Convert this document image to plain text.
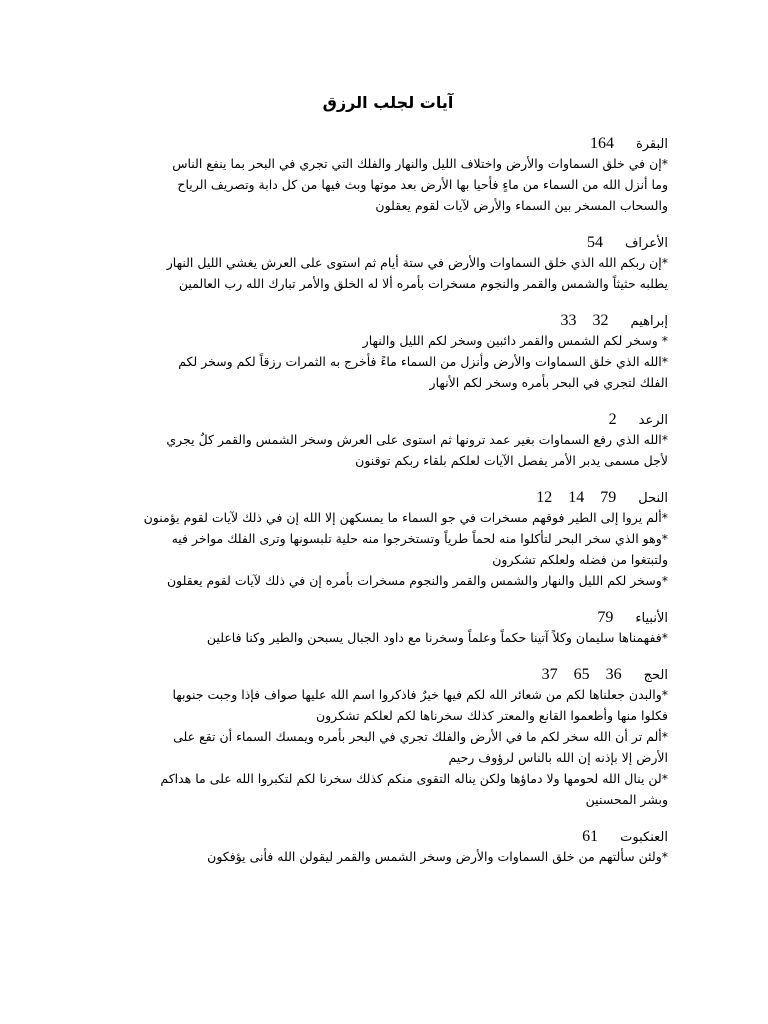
آيات لجلب الرزق
البقرة164
*إن في خلق السماوات والأرض واختلاف الليل والنهار والفلك التي تجري في البحر بما ينفع الناس
وما أنزل الله من السماء من ماءٍ فأحيا بها الأرض بعد موتها وبث فيها من كل دابة وتصريف الرياح
والسحاب المسخر بين السماء والأرض لآيات لقوم يعقلون
الأعراف54
*إن ربكم الله الذي خلق السماوات والأرض في ستة أيام ثم استوى على العرش يغشي الليل النهار
يطلبه حثيثاً والشمس والقمر والنجوم مسخرات بأمره ألا له الخلق والأمر تبارك الله رب العالمين
إبراهيم32 33
* وسخر لكم الشمس والقمر دائبين وسخر لكم الليل والنهار
*الله الذي خلق السماوات والأرض وأنزل من السماء ماءً فأخرج به الثمرات رزقاً لكم وسخر لكم
الفلك لتجري في البحر بأمره وسخر لكم الأنهار
الرعد2
*الله الذي رفع السماوات بغير عمد ترونها ثم استوى على العرش وسخر الشمس والقمر كلٌ يجري
لأجل مسمى يدبر الأمر يفصل الآيات لعلكم بلقاء ربكم توقنون
النحل79 14 12
*ألم يروا إلى الطير فوقهم مسخرات في جو السماء ما يمسكهن إلا الله إن في ذلك لآيات لقوم يؤمنون
*وهو الذي سخر البحر لتأكلوا منه لحماً طرياً وتستخرجوا منه حلية تلبسونها وترى الفلك مواخر فيه
ولتبتغوا من فضله ولعلكم تشكرون
*وسخر لكم الليل والنهار والشمس والقمر والنجوم مسخرات بأمره إن في ذلك لآيات لقوم يعقلون
الأنبياء79
*ففهمناها سليمان وكلاً آتينا حكماً وعلماً وسخرنا مع داود الجبال يسبحن والطير وكنا فاعلين
الحج36 65 37
*والبدن جعلناها لكم من شعائر الله لكم فيها خيرٌ فاذكروا اسم الله عليها صواف فإذا وجبت جنوبها
فكلوا منها وأطعموا القانع والمعتر كذلك سخرناها لكم لعلكم تشكرون
*ألم تر أن الله سخر لكم ما في الأرض والفلك تجري في البحر بأمره ويمسك السماء أن تقع على
الأرض إلا بإذنه إن الله بالناس لرؤوف رحيم
*لن ينال الله لحومها ولا دماؤها ولكن يناله التقوى منكم كذلك سخرنا لكم لتكبروا الله على ما هداكم
وبشر المحسنين
العنكبوت61
*ولئن سألتهم من خلق السماوات والأرض وسخر الشمس والقمر ليقولن الله فأنى يؤفكون
